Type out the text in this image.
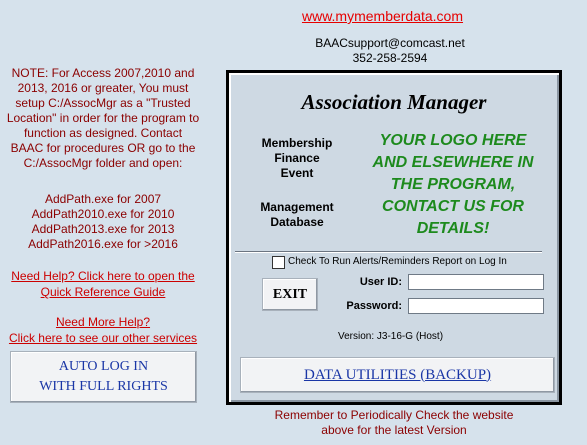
www.mymemberdata.com
BAACsupport@comcast.net
352-258-2594
NOTE: For Access 2007,2010 and
2013, 2016 or greater, You must
setup C:/AssocMgr as a "Trusted
Location" in order for the program to
function as designed. Contact
BAAC for procedures OR go to the
C:/AssocMgr folder and open:
AddPath.exe for 2007
AddPath2010.exe for 2010
AddPath2013.exe for 2013
AddPath2016.exe for >2016
Need Help? Click here to open the
Quick Reference Guide
Need More Help?
Click here to see our other services
AUTO LOG IN
WITH FULL RIGHTS
Association Manager
Membership
Finance
Event
Management
Database
YOUR LOGO HERE
AND ELSEWHERE IN
THE PROGRAM,
CONTACT US FOR
DETAILS!
Check To Run Alerts/Reminders Report on Log In
EXIT
User ID:
Password:
Version: J3-16-G (Host)
DATA UTILITIES (BACKUP)
Remember to Periodically Check the website
above for the latest Version
